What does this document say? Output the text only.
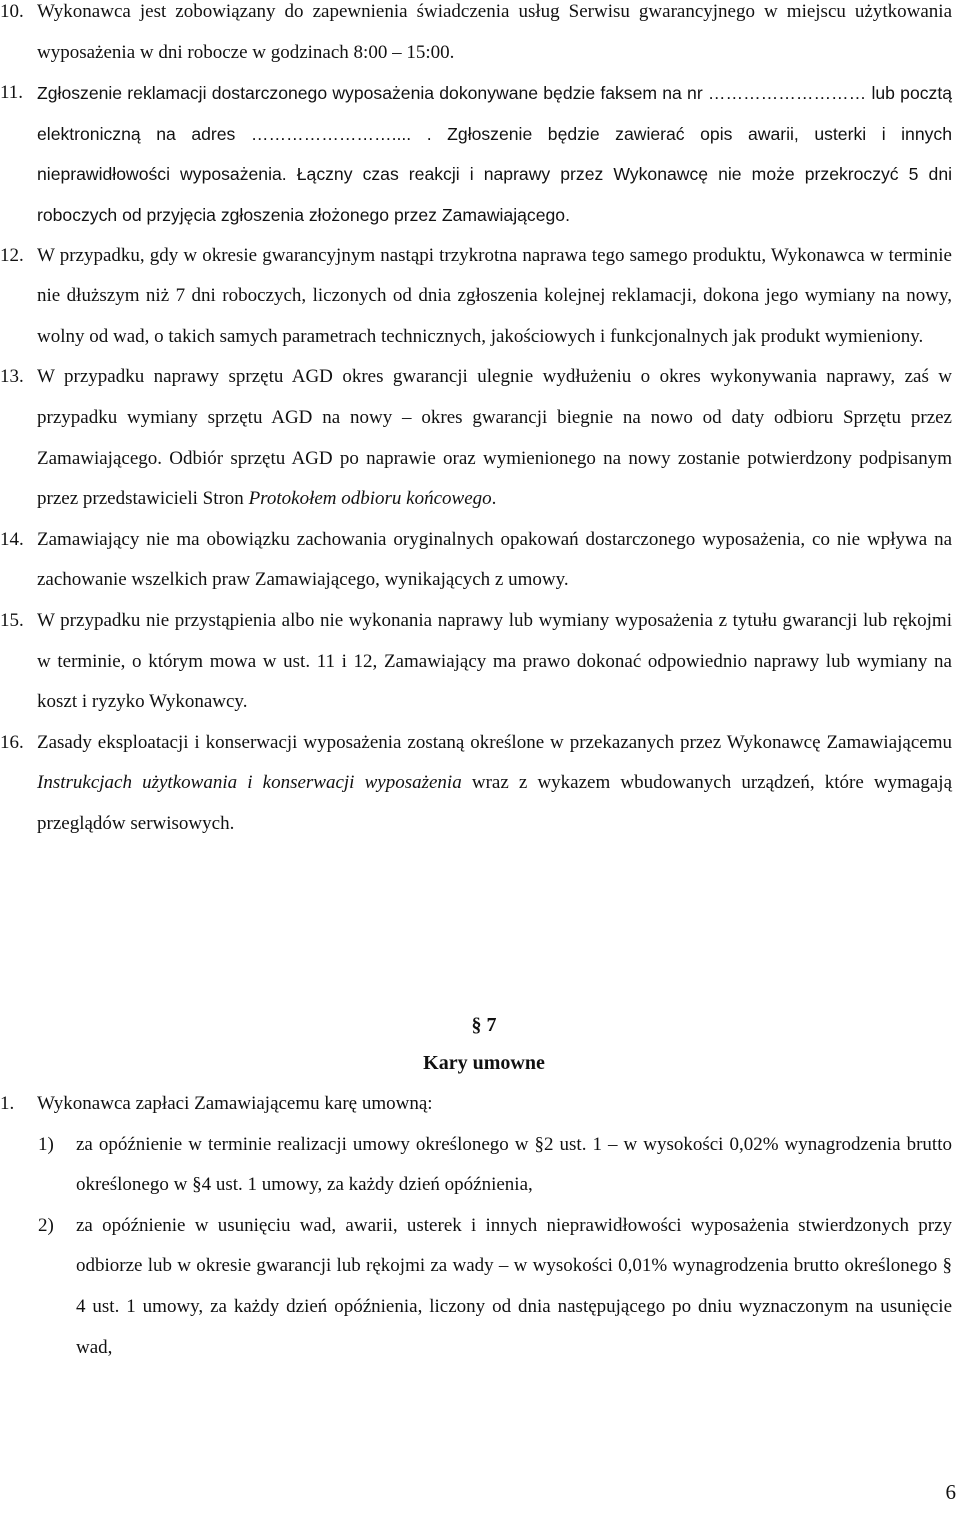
10. Wykonawca jest zobowiązany do zapewnienia świadczenia usług Serwisu gwarancyjnego w miejscu użytkowania wyposażenia w dni robocze w godzinach 8:00 – 15:00.
11. Zgłoszenie reklamacji dostarczonego wyposażenia dokonywane będzie faksem na nr ……………………… lub pocztą elektroniczną na adres …………………….... . Zgłoszenie będzie zawierać opis awarii, usterki i innych nieprawidłowości wyposażenia. Łączny czas reakcji i naprawy przez Wykonawcę nie może przekroczyć 5 dni roboczych od przyjęcia zgłoszenia złożonego przez Zamawiającego.
12. W przypadku, gdy w okresie gwarancyjnym nastąpi trzykrotna naprawa tego samego produktu, Wykonawca w terminie nie dłuższym niż 7 dni roboczych, liczonych od dnia zgłoszenia kolejnej reklamacji, dokona jego wymiany na nowy, wolny od wad, o takich samych parametrach technicznych, jakościowych i funkcjonalnych jak produkt wymieniony.
13. W przypadku naprawy sprzętu AGD okres gwarancji ulegnie wydłużeniu o okres wykonywania naprawy, zaś w przypadku wymiany sprzętu AGD na nowy – okres gwarancji biegnie na nowo od daty odbioru Sprzętu przez Zamawiającego. Odbiór sprzętu AGD po naprawie oraz wymienionego na nowy zostanie potwierdzony podpisanym przez przedstawicieli Stron Protokołem odbioru końcowego.
14. Zamawiający nie ma obowiązku zachowania oryginalnych opakowań dostarczonego wyposażenia, co nie wpływa na zachowanie wszelkich praw Zamawiającego, wynikających z umowy.
15. W przypadku nie przystąpienia albo nie wykonania naprawy lub wymiany wyposażenia z tytułu gwarancji lub rękojmi w terminie, o którym mowa w ust. 11 i 12, Zamawiający ma prawo dokonać odpowiednio naprawy lub wymiany na koszt i ryzyko Wykonawcy.
16. Zasady eksploatacji i konserwacji wyposażenia zostaną określone w przekazanych przez Wykonawcę Zamawiającemu Instrukcjach użytkowania i konserwacji wyposażenia wraz z wykazem wbudowanych urządzeń, które wymagają przeglądów serwisowych.
§ 7
Kary umowne
1.	Wykonawca zapłaci Zamawiającemu karę umowną:
1)	za opóźnienie w terminie realizacji umowy określonego w §2 ust. 1 – w wysokości 0,02% wynagrodzenia brutto określonego w §4 ust. 1 umowy, za każdy dzień opóźnienia,
2)	za opóźnienie w usunięciu wad, awarii, usterek i innych nieprawidłowości wyposażenia stwierdzonych przy odbiorze lub w okresie gwarancji lub rękojmi za wady – w wysokości 0,01% wynagrodzenia brutto określonego § 4 ust. 1 umowy, za każdy dzień opóźnienia, liczony od dnia następującego po dniu wyznaczonym na usunięcie wad,
6
